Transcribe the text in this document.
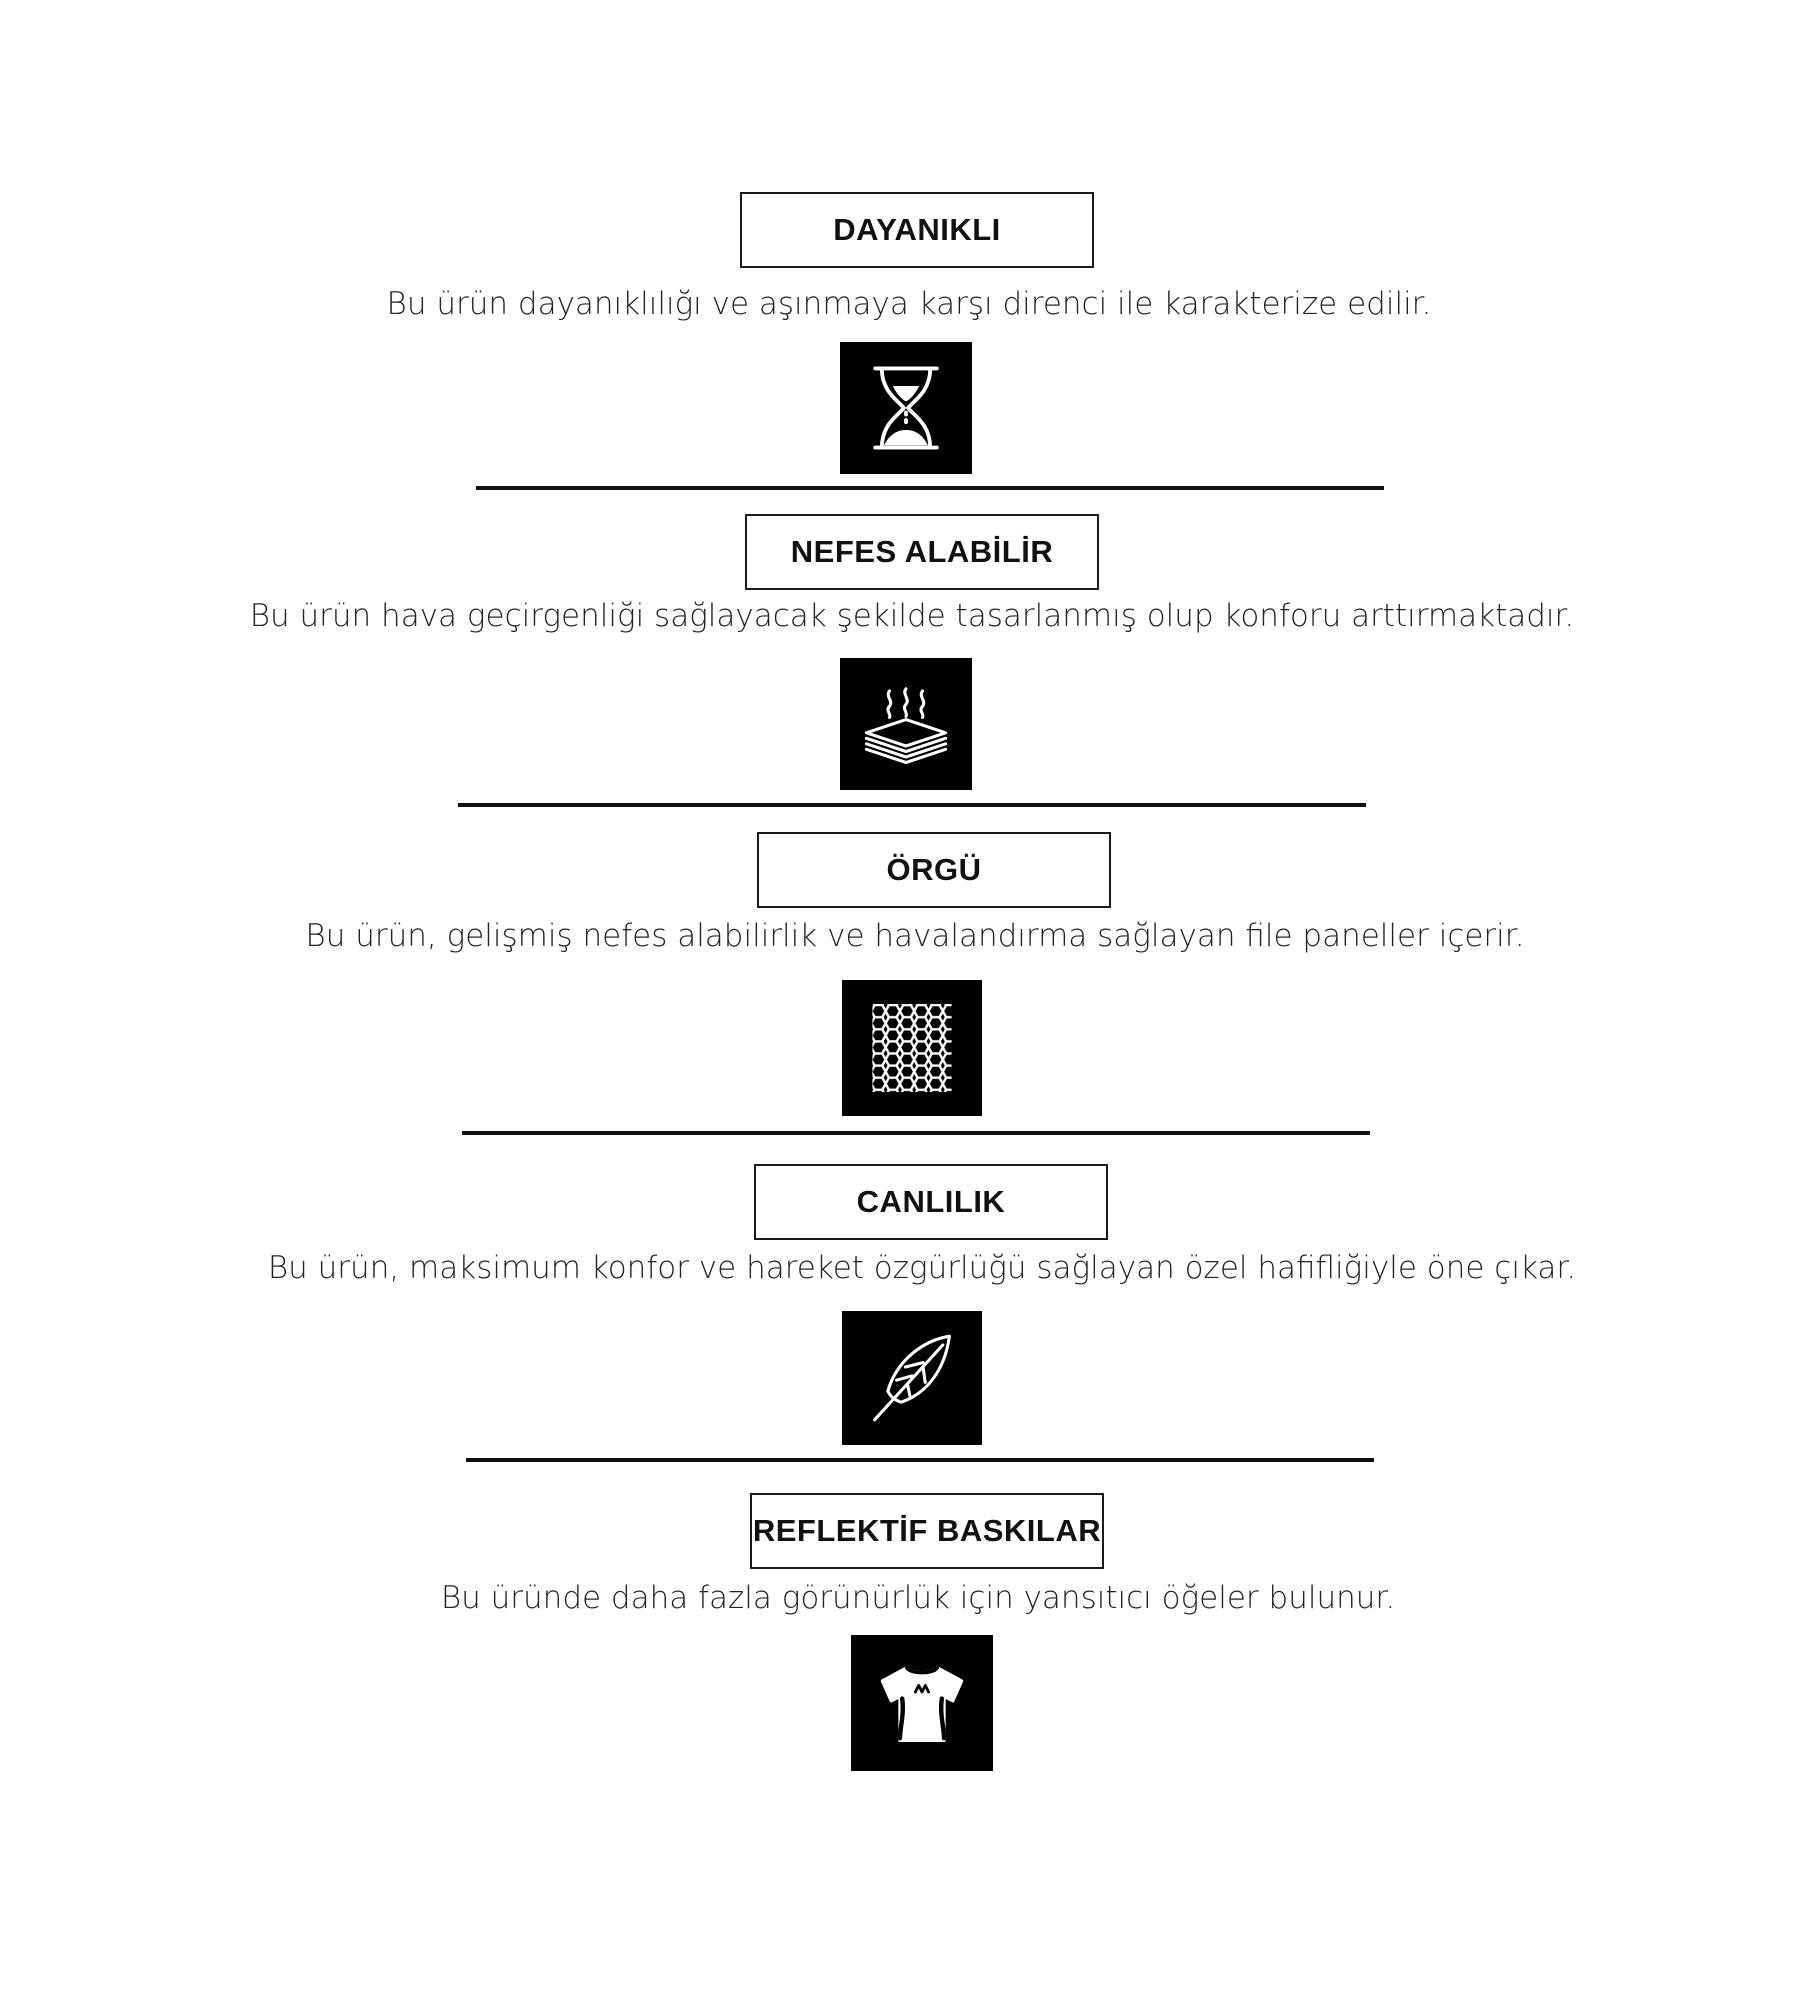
DAYANIKLI
Bu ürün dayanıklılığı ve aşınmaya karşı direnci ile karakterize edilir.
NEFES ALABİLİR
Bu ürün hava geçirgenliği sağlayacak şekilde tasarlanmış olup konforu arttırmaktadır.
ÖRGÜ
Bu ürün, gelişmiş nefes alabilirlik ve havalandırma sağlayan file paneller içerir.
CANLILIK
Bu ürün, maksimum konfor ve hareket özgürlüğü sağlayan özel hafifliğiyle öne çıkar.
REFLEKTİF BASKILAR
Bu üründe daha fazla görünürlük için yansıtıcı öğeler bulunur.
